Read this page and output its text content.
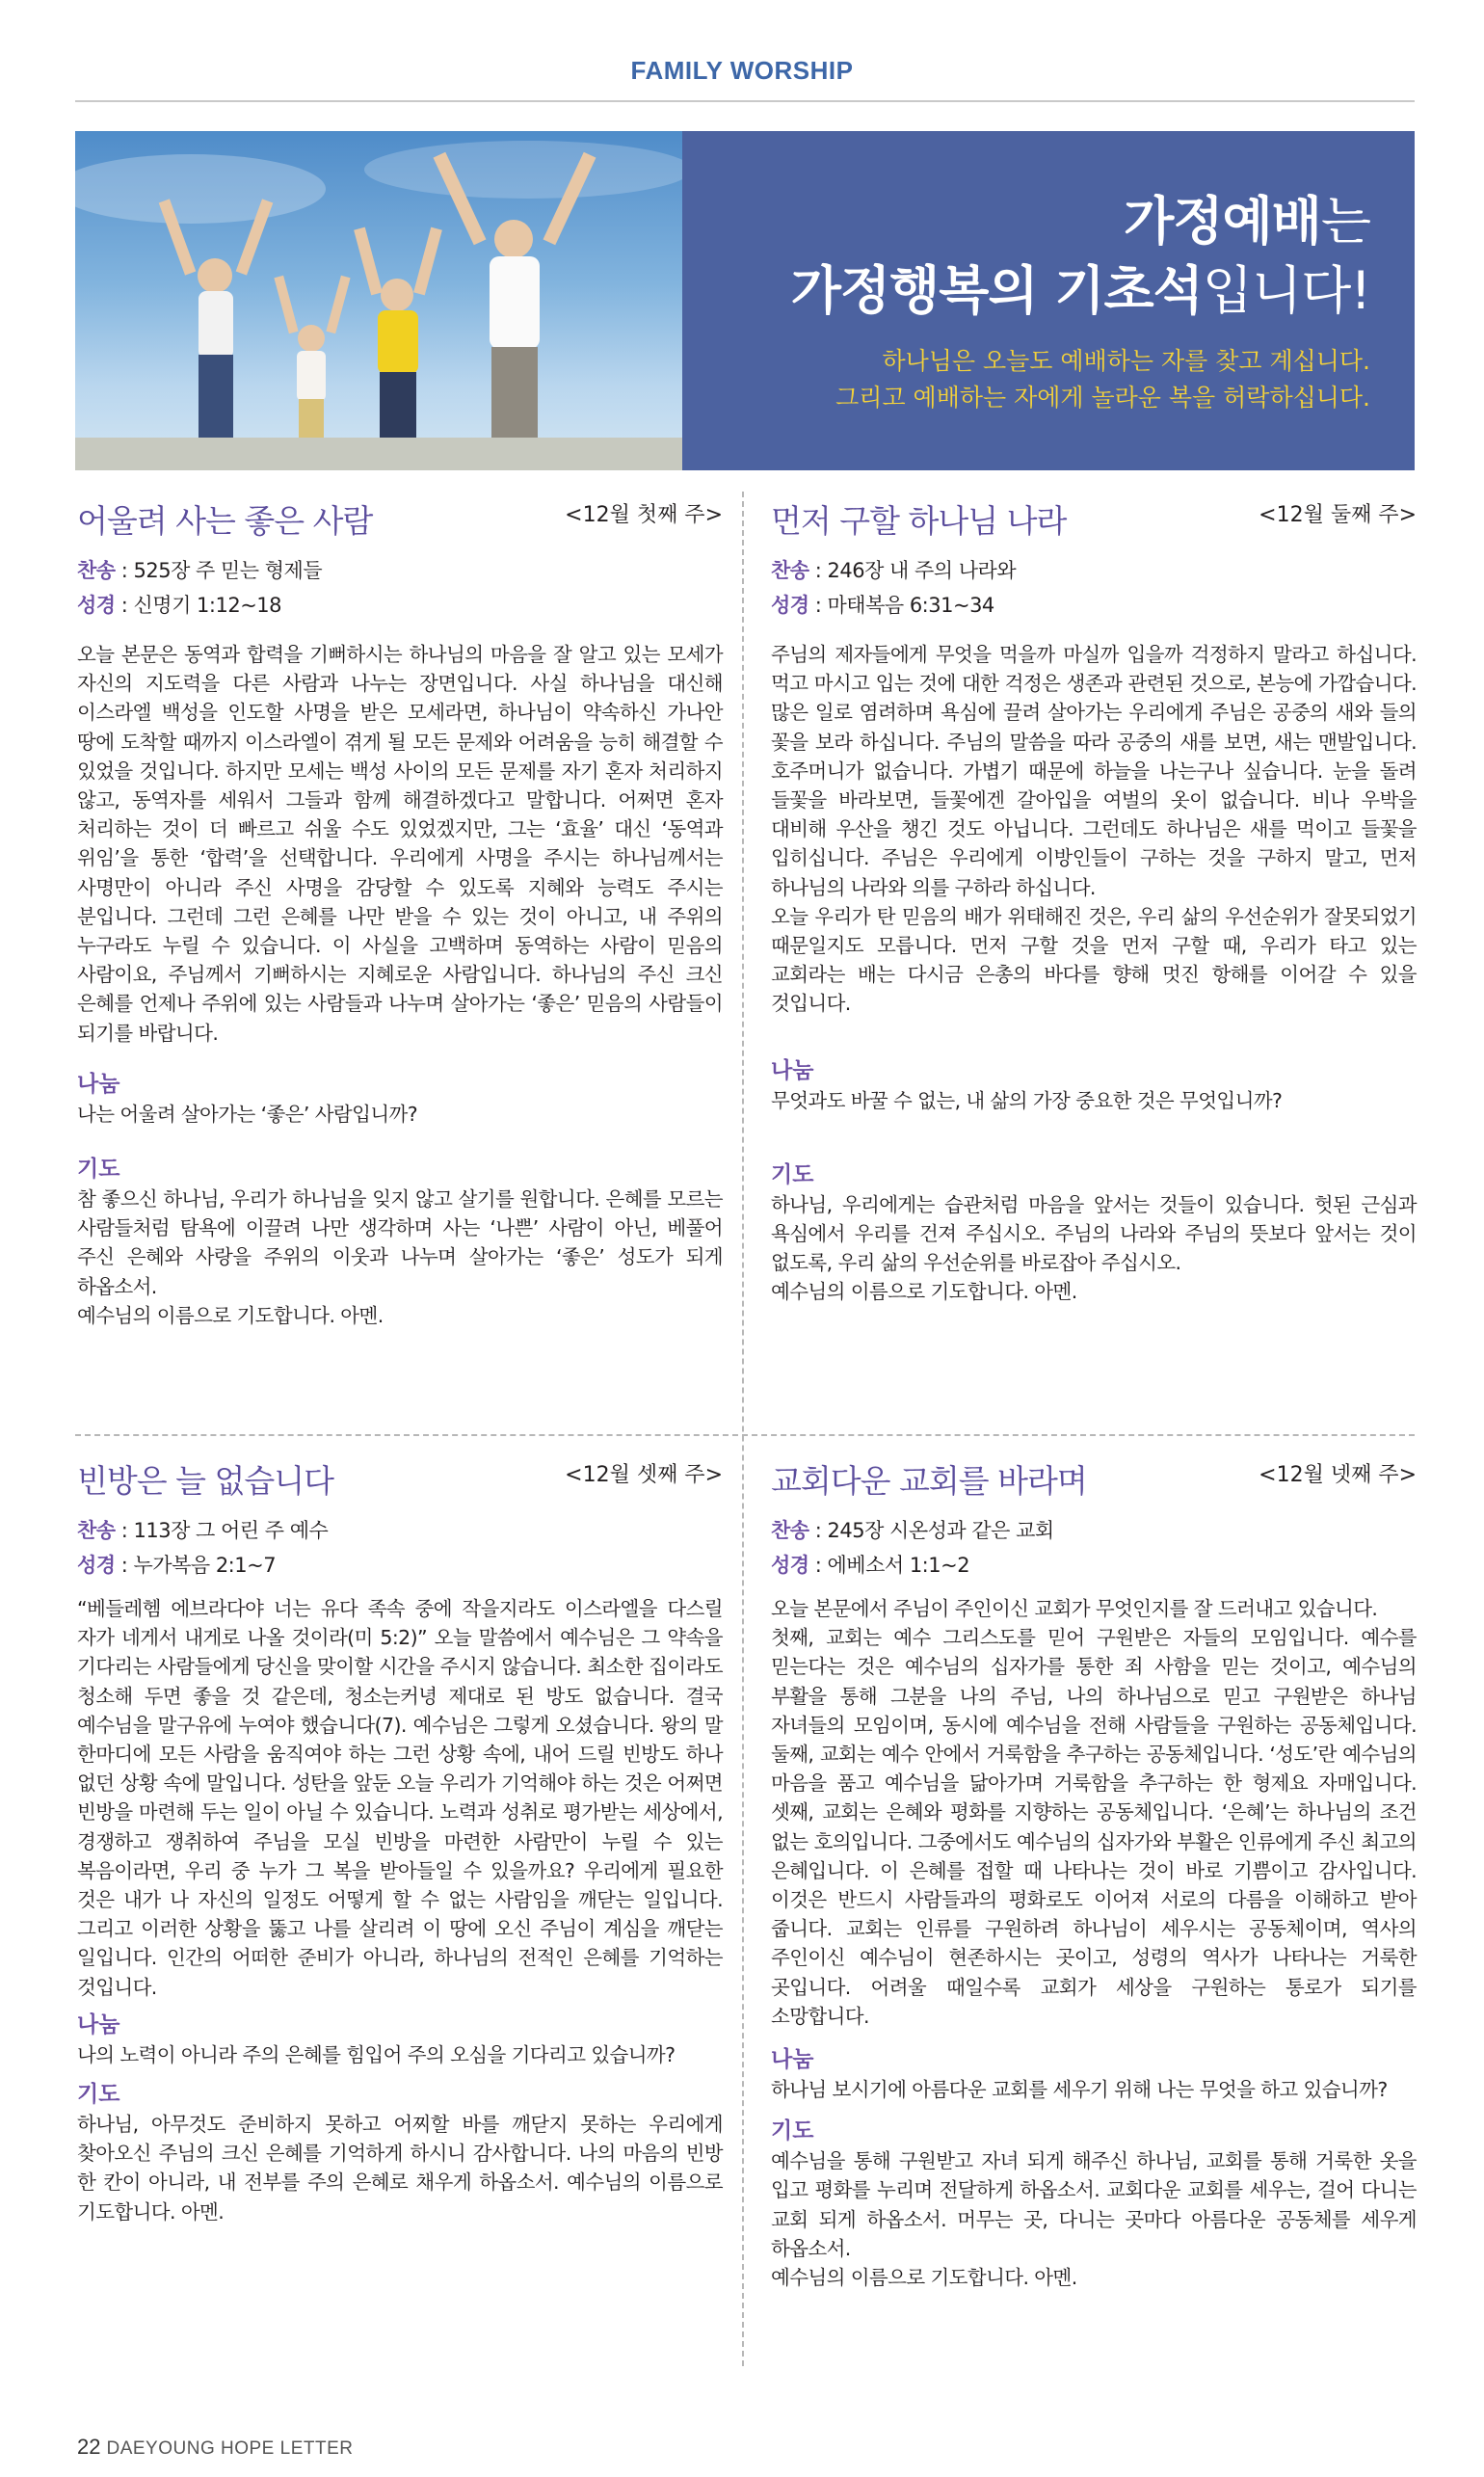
FAMILY WORSHIP
가정예배는
가정행복의 기초석입니다!
하나님은 오늘도 예배하는 자를 찾고 계십니다.
그리고 예배하는 자에게 놀라운 복을 허락하십니다.
어울려 사는 좋은 사람	<12월 첫째 주>
찬송 : 525장 주 믿는 형제들
성경 : 신명기 1:12~18

오늘 본문은 동역과 합력을 기뻐하시는 하나님의 마음을 잘 알고 있는 모세가 자신의 지도력을 다른 사람과 나누는 장면입니다. 사실 하나님을 대신해 이스라엘 백성을 인도할 사명을 받은 모세라면, 하나님이 약속하신 가나안 땅에 도착할 때까지 이스라엘이 겪게 될 모든 문제와 어려움을 능히 해결할 수 있었을 것입니다. 하지만 모세는 백성 사이의 모든 문제를 자기 혼자 처리하지 않고, 동역자를 세워서 그들과 함께 해결하겠다고 말합니다. 어쩌면 혼자 처리하는 것이 더 빠르고 쉬울 수도 있었겠지만, 그는 ‘효율’ 대신 ‘동역과 위임’을 통한 ‘합력’을 선택합니다. 우리에게 사명을 주시는 하나님께서는 사명만이 아니라 주신 사명을 감당할 수 있도록 지혜와 능력도 주시는 분입니다. 그런데 그런 은혜를 나만 받을 수 있는 것이 아니고, 내 주위의 누구라도 누릴 수 있습니다. 이 사실을 고백하며 동역하는 사람이 믿음의 사람이요, 주님께서 기뻐하시는 지혜로운 사람입니다. 하나님의 주신 크신 은혜를 언제나 주위에 있는 사람들과 나누며 살아가는 ‘좋은’ 믿음의 사람들이 되기를 바랍니다.

나눔

나는 어울려 살아가는 ‘좋은’ 사람입니까?

기도

참 좋으신 하나님, 우리가 하나님을 잊지 않고 살기를 원합니다. 은혜를 모르는 사람들처럼 탐욕에 이끌려 나만 생각하며 사는 ‘나쁜’ 사람이 아닌, 베풀어 주신 은혜와 사랑을 주위의 이웃과 나누며 살아가는 ‘좋은’ 성도가 되게 하옵소서.

예수님의 이름으로 기도합니다. 아멘.

먼저 구할 하나님 나라	<12월 둘째 주>
찬송 : 246장 내 주의 나라와
성경 : 마태복음 6:31~34

주님의 제자들에게 무엇을 먹을까 마실까 입을까 걱정하지 말라고 하십니다. 먹고 마시고 입는 것에 대한 걱정은 생존과 관련된 것으로, 본능에 가깝습니다. 많은 일로 염려하며 욕심에 끌려 살아가는 우리에게 주님은 공중의 새와 들의 꽃을 보라 하십니다. 주님의 말씀을 따라 공중의 새를 보면, 새는 맨발입니다. 호주머니가 없습니다. 가볍기 때문에 하늘을 나는구나 싶습니다. 눈을 돌려 들꽃을 바라보면, 들꽃에겐 갈아입을 여벌의 옷이 없습니다. 비나 우박을 대비해 우산을 챙긴 것도 아닙니다. 그런데도 하나님은 새를 먹이고 들꽃을 입히십니다. 주님은 우리에게 이방인들이 구하는 것을 구하지 말고, 먼저 하나님의 나라와 의를 구하라 하십니다.

오늘 우리가 탄 믿음의 배가 위태해진 것은, 우리 삶의 우선순위가 잘못되었기 때문일지도 모릅니다. 먼저 구할 것을 먼저 구할 때, 우리가 타고 있는 교회라는 배는 다시금 은총의 바다를 향해 멋진 항해를 이어갈 수 있을 것입니다.

나눔

무엇과도 바꿀 수 없는, 내 삶의 가장 중요한 것은 무엇입니까?

기도

하나님, 우리에게는 습관처럼 마음을 앞서는 것들이 있습니다. 헛된 근심과 욕심에서 우리를 건져 주십시오. 주님의 나라와 주님의 뜻보다 앞서는 것이 없도록, 우리 삶의 우선순위를 바로잡아 주십시오.

예수님의 이름으로 기도합니다. 아멘.

빈방은 늘 없습니다	<12월 셋째 주>
찬송 : 113장 그 어린 주 예수
성경 : 누가복음 2:1~7

“베들레헴 에브라다야 너는 유다 족속 중에 작을지라도 이스라엘을 다스릴 자가 네게서 내게로 나올 것이라(미 5:2)” 오늘 말씀에서 예수님은 그 약속을 기다리는 사람들에게 당신을 맞이할 시간을 주시지 않습니다. 최소한 집이라도 청소해 두면 좋을 것 같은데, 청소는커녕 제대로 된 방도 없습니다. 결국 예수님을 말구유에 누여야 했습니다(7). 예수님은 그렇게 오셨습니다. 왕의 말 한마디에 모든 사람을 움직여야 하는 그런 상황 속에, 내어 드릴 빈방도 하나 없던 상황 속에 말입니다. 성탄을 앞둔 오늘 우리가 기억해야 하는 것은 어쩌면 빈방을 마련해 두는 일이 아닐 수 있습니다. 노력과 성취로 평가받는 세상에서, 경쟁하고 쟁취하여 주님을 모실 빈방을 마련한 사람만이 누릴 수 있는 복음이라면, 우리 중 누가 그 복을 받아들일 수 있을까요? 우리에게 필요한 것은 내가 나 자신의 일정도 어떻게 할 수 없는 사람임을 깨닫는 일입니다. 그리고 이러한 상황을 뚫고 나를 살리려 이 땅에 오신 주님이 계심을 깨닫는 일입니다. 인간의 어떠한 준비가 아니라, 하나님의 전적인 은혜를 기억하는 것입니다.

나눔

나의 노력이 아니라 주의 은혜를 힘입어 주의 오심을 기다리고 있습니까?

기도

하나님, 아무것도 준비하지 못하고 어찌할 바를 깨닫지 못하는 우리에게 찾아오신 주님의 크신 은혜를 기억하게 하시니 감사합니다. 나의 마음의 빈방 한 칸이 아니라, 내 전부를 주의 은혜로 채우게 하옵소서. 예수님의 이름으로 기도합니다. 아멘.

교회다운 교회를 바라며	<12월 넷째 주>
찬송 : 245장 시온성과 같은 교회
성경 : 에베소서 1:1~2

오늘 본문에서 주님이 주인이신 교회가 무엇인지를 잘 드러내고 있습니다.

첫째, 교회는 예수 그리스도를 믿어 구원받은 자들의 모임입니다. 예수를 믿는다는 것은 예수님의 십자가를 통한 죄 사함을 믿는 것이고, 예수님의 부활을 통해 그분을 나의 주님, 나의 하나님으로 믿고 구원받은 하나님 자녀들의 모임이며, 동시에 예수님을 전해 사람들을 구원하는 공동체입니다. 둘째, 교회는 예수 안에서 거룩함을 추구하는 공동체입니다. ‘성도’란 예수님의 마음을 품고 예수님을 닮아가며 거룩함을 추구하는 한 형제요 자매입니다. 셋째, 교회는 은혜와 평화를 지향하는 공동체입니다. ‘은혜’는 하나님의 조건 없는 호의입니다. 그중에서도 예수님의 십자가와 부활은 인류에게 주신 최고의 은혜입니다. 이 은혜를 접할 때 나타나는 것이 바로 기쁨이고 감사입니다. 이것은 반드시 사람들과의 평화로도 이어져 서로의 다름을 이해하고 받아 줍니다. 교회는 인류를 구원하려 하나님이 세우시는 공동체이며, 역사의 주인이신 예수님이 현존하시는 곳이고, 성령의 역사가 나타나는 거룩한 곳입니다. 어려울 때일수록 교회가 세상을 구원하는 통로가 되기를 소망합니다.

나눔

하나님 보시기에 아름다운 교회를 세우기 위해 나는 무엇을 하고 있습니까?

기도

예수님을 통해 구원받고 자녀 되게 해주신 하나님, 교회를 통해 거룩한 옷을 입고 평화를 누리며 전달하게 하옵소서. 교회다운 교회를 세우는, 걸어 다니는 교회 되게 하옵소서. 머무는 곳, 다니는 곳마다 아름다운 공동체를 세우게 하옵소서.

예수님의 이름으로 기도합니다. 아멘.

22 DAEYOUNG HOPE LETTER
